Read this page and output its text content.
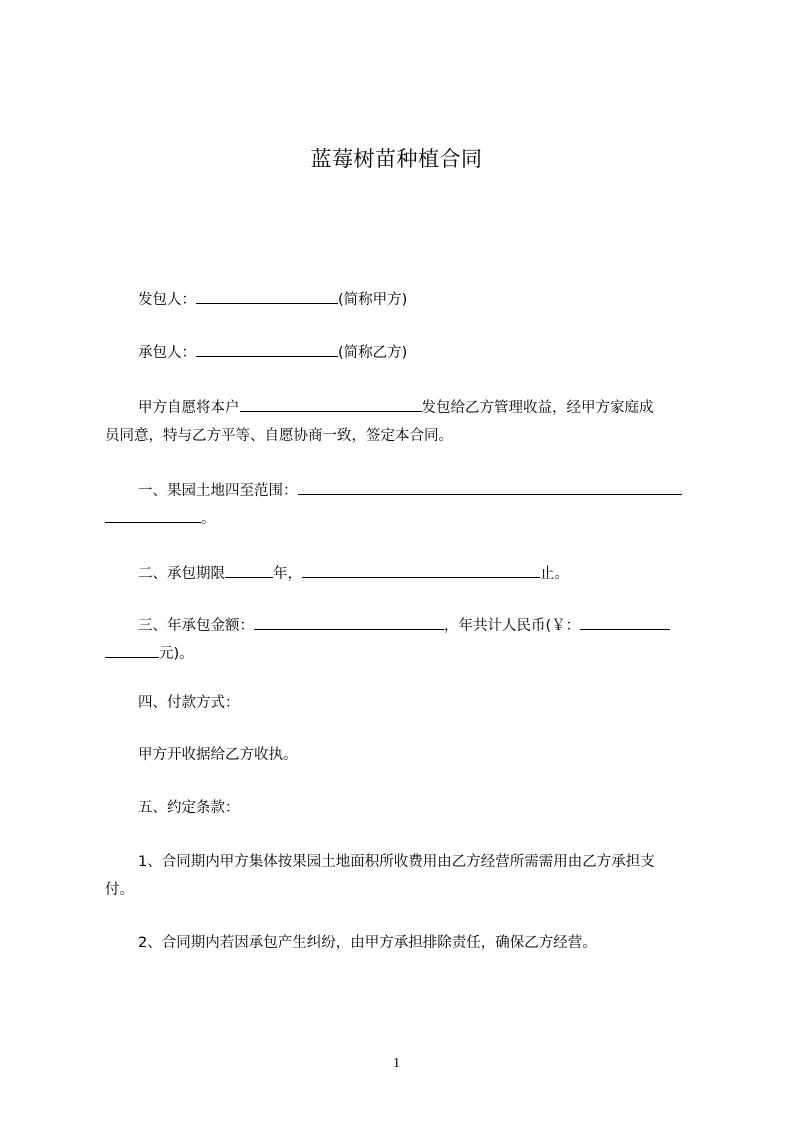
蓝莓树苗种植合同
发包人：	(简称甲方)
承包人：	(简称乙方)
甲方自愿将本户	发包给乙方管理收益，经甲方家庭成
员同意，特与乙方平等、自愿协商一致，签定本合同。
一、果园土地四至范围：
。
二、承包期限	年，	止。
三、年承包金额：	，年共计人民币(￥：
元)。
四、付款方式：
甲方开收据给乙方收执。
五、约定条款：
1、合同期内甲方集体按果园土地面积所收费用由乙方经营所需需用由乙方承担支
付。
2、合同期内若因承包产生纠纷，由甲方承担排除责任，确保乙方经营。
1
